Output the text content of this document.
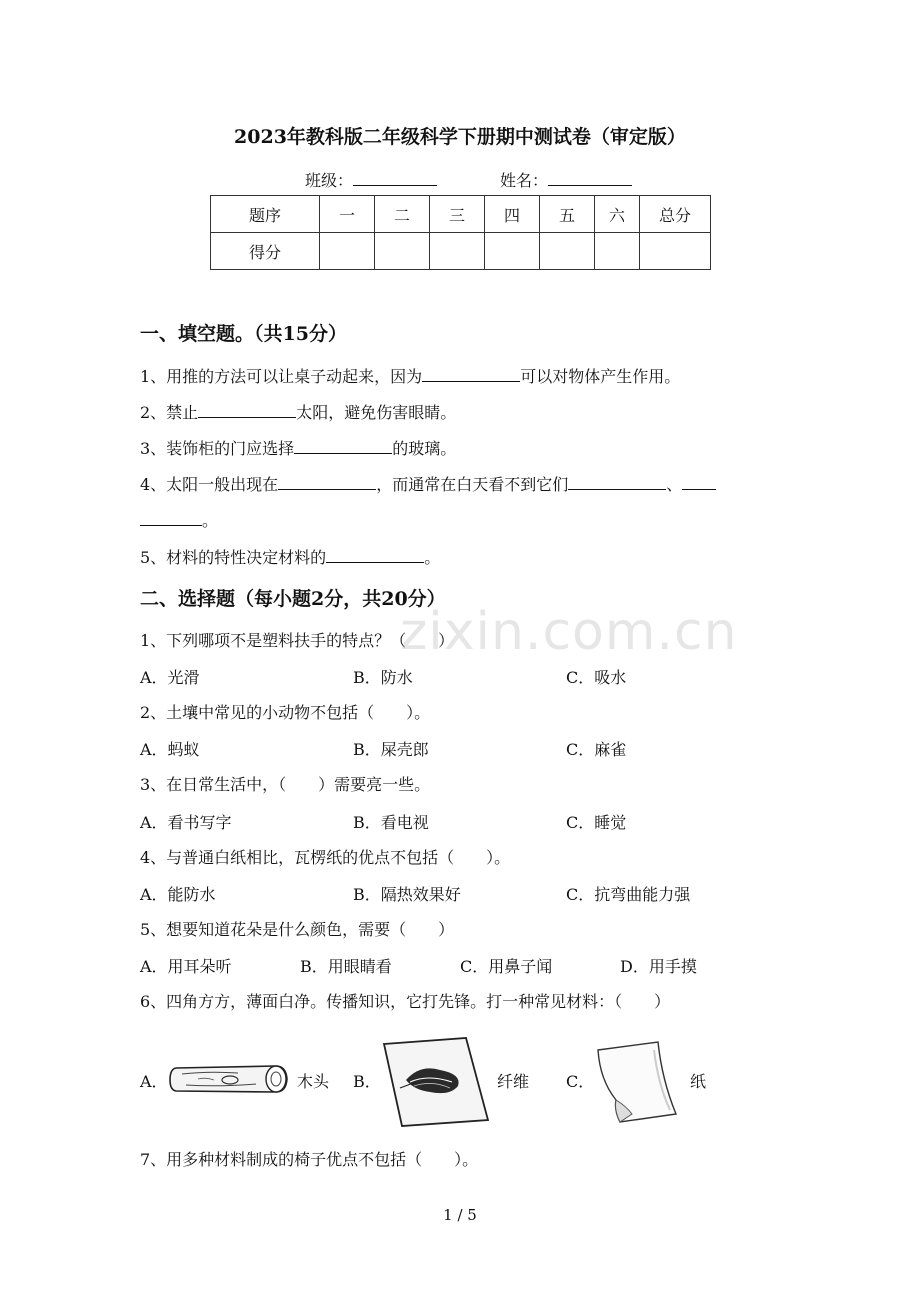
2023年教科版二年级科学下册期中测试卷（审定版）
班级：	姓名：
题序	一	二	三	四	五	六	总分
得分							
一、填空题。（共15分）
1、用推的方法可以让桌子动起来，因为	可以对物体产生作用。
2、禁止	太阳，避免伤害眼睛。
3、装饰柜的门应选择	的玻璃。
4、太阳一般出现在	，而通常在白天看不到它们	、
。
5、材料的特性决定材料的	。
二、选择题（每小题2分，共20分）
zixin.com.cn
1、下列哪项不是塑料扶手的特点？（　　）
A．光滑	B．防水	C．吸水
2、土壤中常见的小动物不包括（　　）。
A．蚂蚁	B．屎壳郎	C．麻雀
3、在日常生活中，（　　）需要亮一些。
A．看书写字	B．看电视	C．睡觉
4、与普通白纸相比，瓦楞纸的优点不包括（　　）。
A．能防水	B．隔热效果好	C．抗弯曲能力强
5、想要知道花朵是什么颜色，需要（　　）
A．用耳朵听	B．用眼睛看	C．用鼻子闻	D．用手摸
6、四角方方，薄面白净。传播知识，它打先锋。打一种常见材料：（　　）
A．	木头 B．	纤维 C．	纸
7、用多种材料制成的椅子优点不包括（　　）。
1 / 5
